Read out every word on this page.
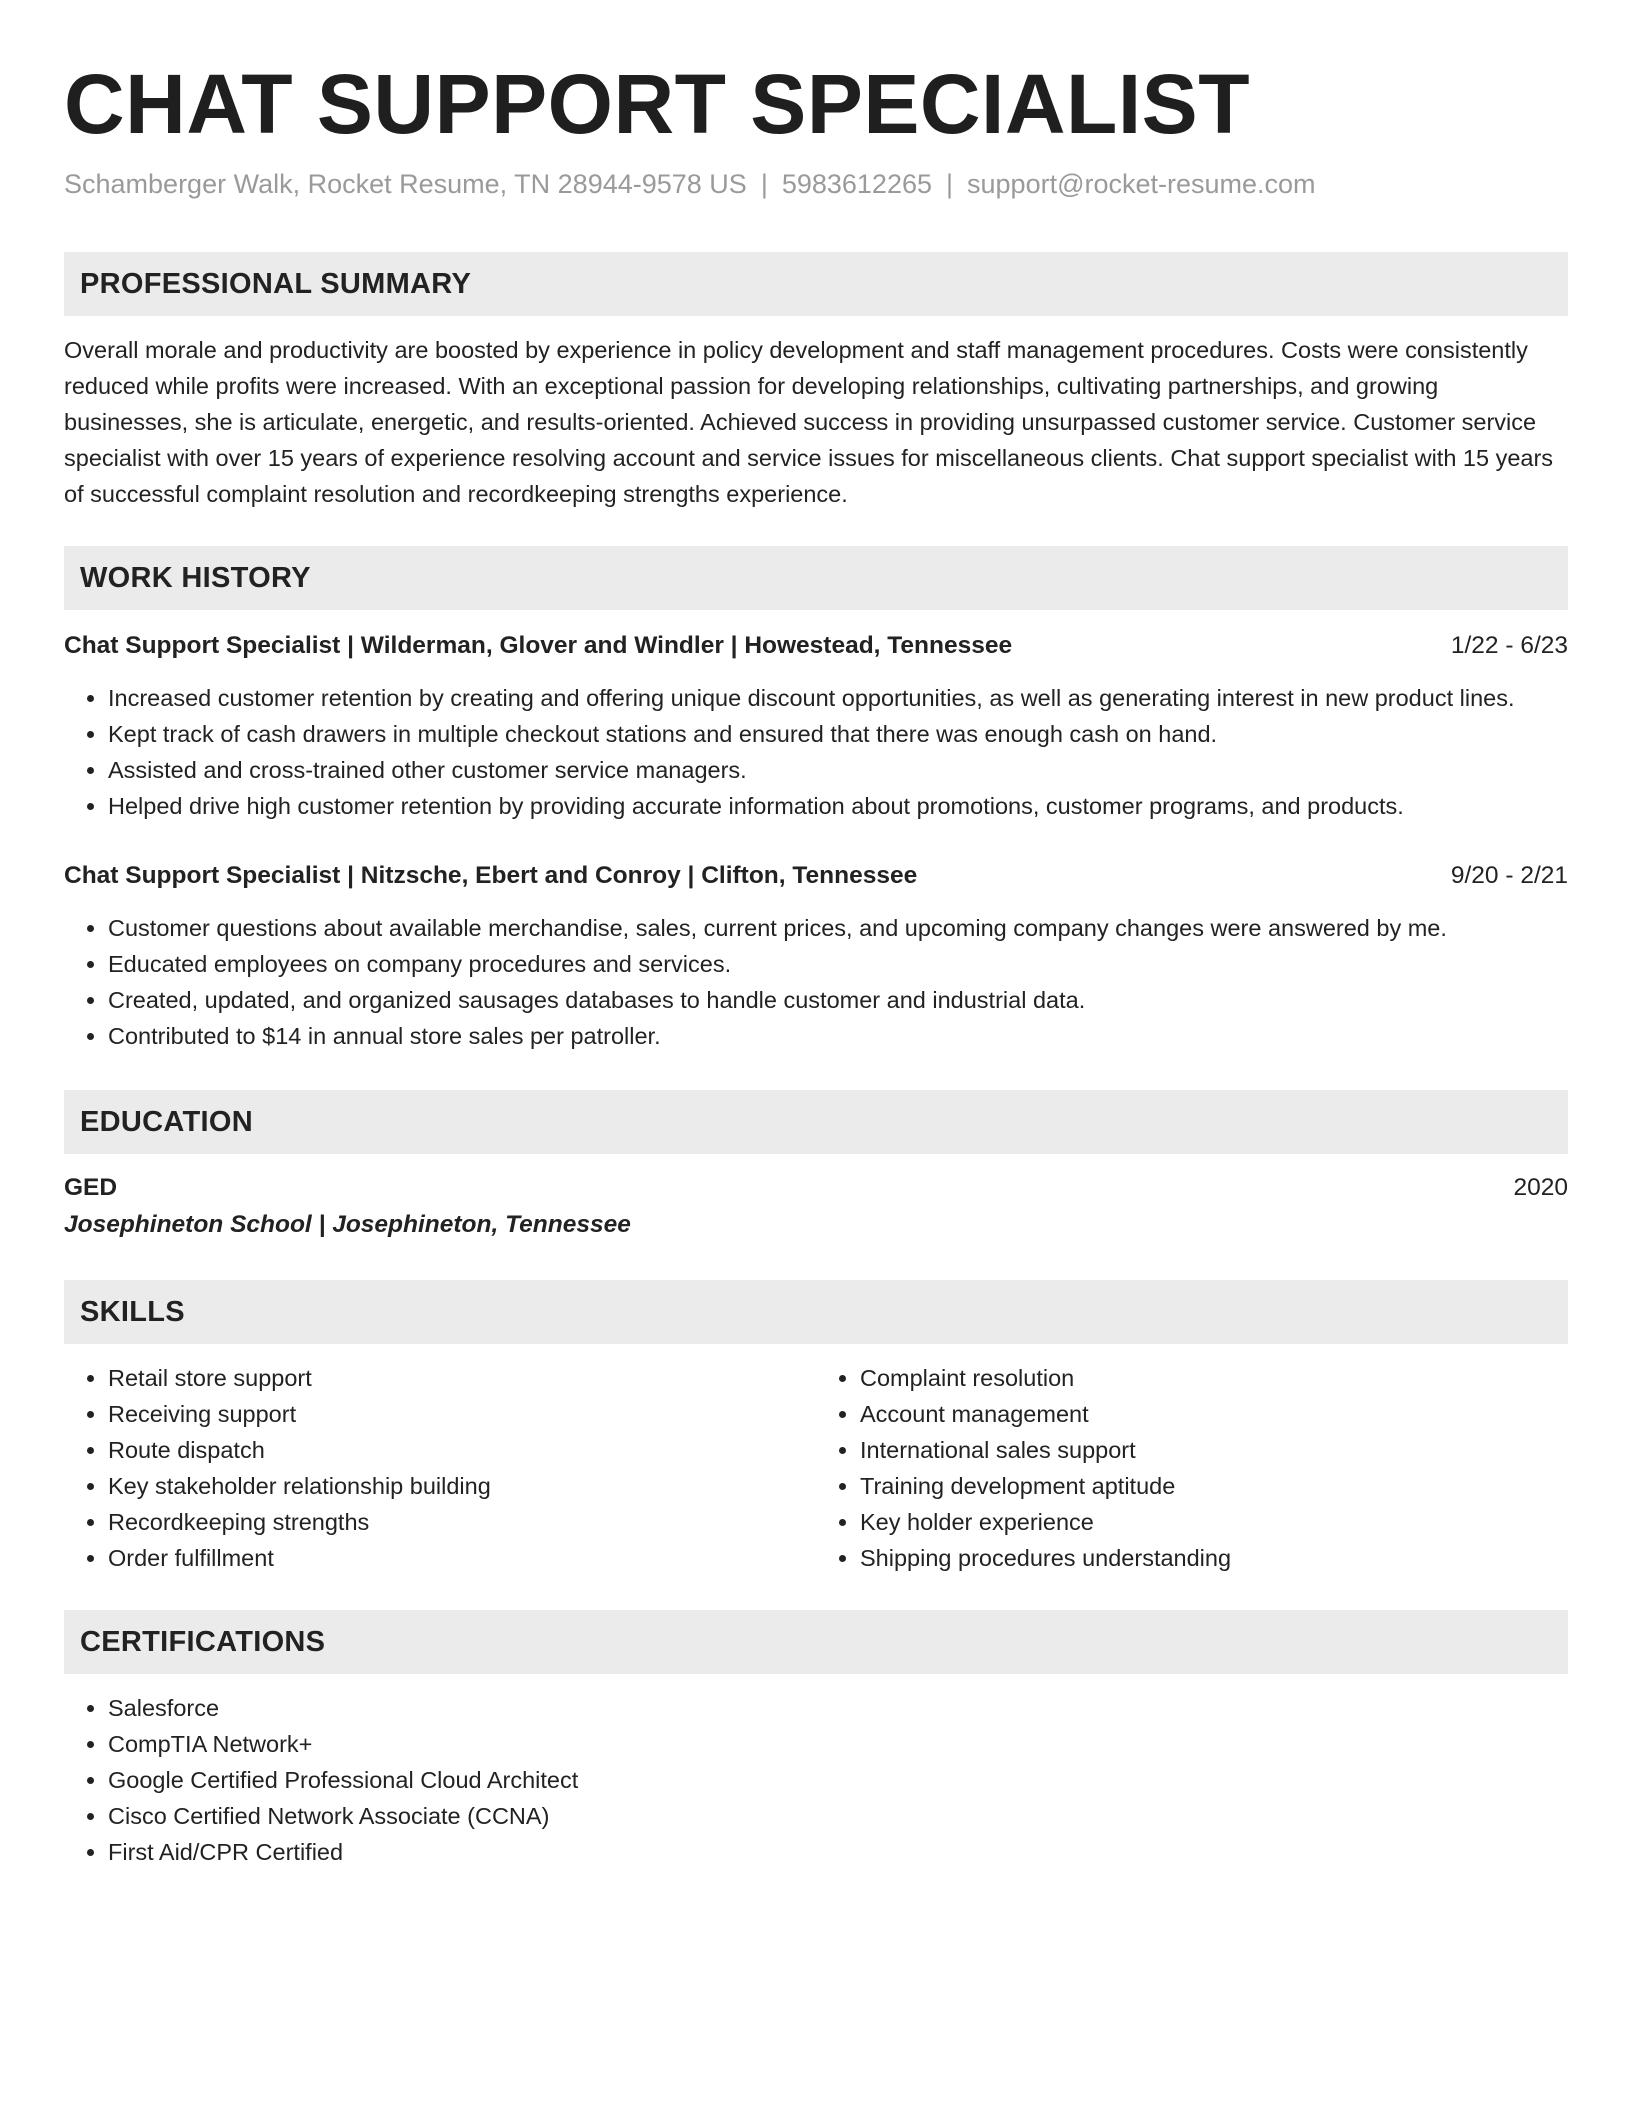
CHAT SUPPORT SPECIALIST
Schamberger Walk, Rocket Resume, TN 28944-9578 US | 5983612265 | support@rocket-resume.com
PROFESSIONAL SUMMARY

Overall morale and productivity are boosted by experience in policy development and staff management procedures. Costs were consistently reduced while profits were increased. With an exceptional passion for developing relationships, cultivating partnerships, and growing businesses, she is articulate, energetic, and results-oriented. Achieved success in providing unsurpassed customer service. Customer service specialist with over 15 years of experience resolving account and service issues for miscellaneous clients. Chat support specialist with 15 years of successful complaint resolution and recordkeeping strengths experience.

WORK HISTORY
Chat Support Specialist | Wilderman, Glover and Windler | Howestead, Tennessee	1/22 - 6/23
• Increased customer retention by creating and offering unique discount opportunities, as well as generating interest in new product lines.
• Kept track of cash drawers in multiple checkout stations and ensured that there was enough cash on hand.
• Assisted and cross-trained other customer service managers.
• Helped drive high customer retention by providing accurate information about promotions, customer programs, and products.
Chat Support Specialist | Nitzsche, Ebert and Conroy | Clifton, Tennessee	9/20 - 2/21
• Customer questions about available merchandise, sales, current prices, and upcoming company changes were answered by me.
• Educated employees on company procedures and services.
• Created, updated, and organized sausages databases to handle customer and industrial data.
• Contributed to $14 in annual store sales per patroller.
EDUCATION
GED	2020
Josephineton School | Josephineton, Tennessee
SKILLS
• Retail store support
• Receiving support
• Route dispatch
• Key stakeholder relationship building
• Recordkeeping strengths
• Order fulfillment
• Complaint resolution
• Account management
• International sales support
• Training development aptitude
• Key holder experience
• Shipping procedures understanding
CERTIFICATIONS
• Salesforce
• CompTIA Network+
• Google Certified Professional Cloud Architect
• Cisco Certified Network Associate (CCNA)
• First Aid/CPR Certified
